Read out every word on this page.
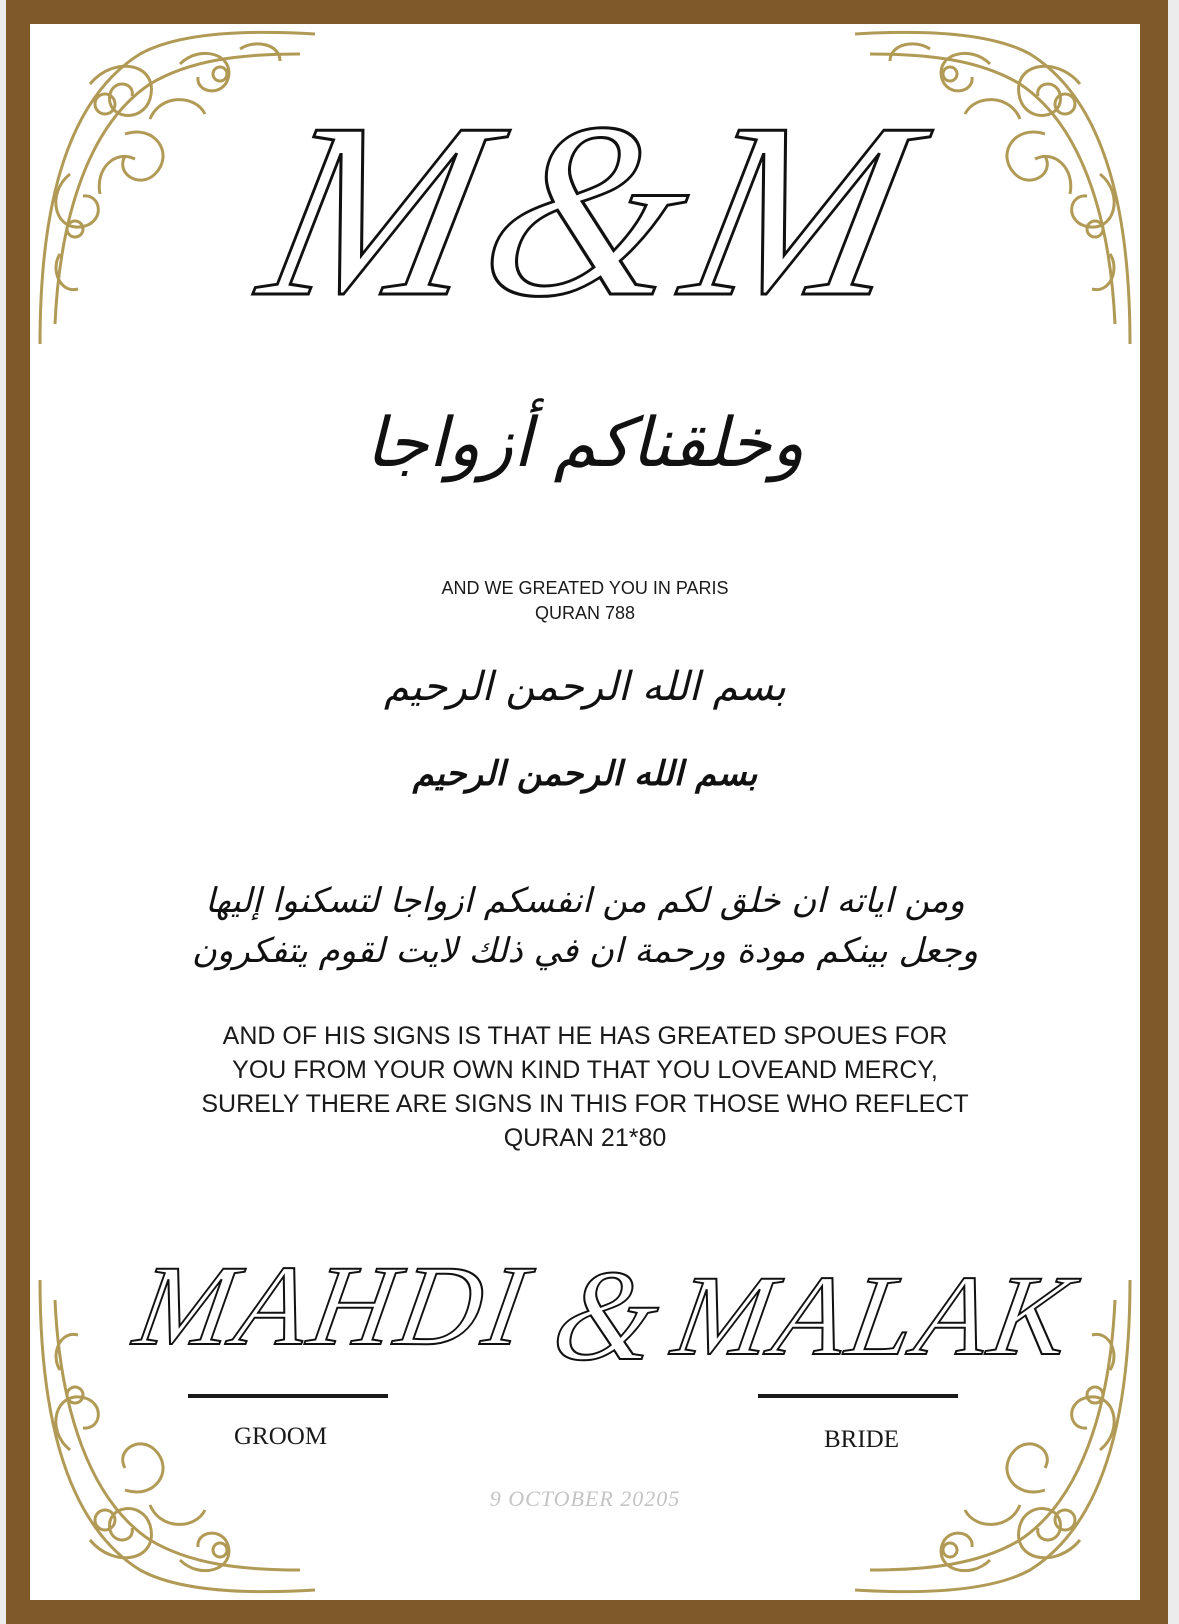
M&M
وخلقناكم أزواجا
AND WE GREATED YOU IN PARIS
QURAN 788
بسم الله الرحمن الرحيم
بسم الله الرحمن الرحيم
ومن اياته ان خلق لكم من انفسكم ازواجا لتسكنوا إليها
وجعل بينكم مودة ورحمة ان في ذلك لايت لقوم يتفكرون
AND OF HIS SIGNS IS THAT HE HAS GREATED SPOUES FOR
YOU FROM YOUR OWN KIND THAT YOU LOVEAND MERCY,
SURELY THERE ARE SIGNS IN THIS FOR THOSE WHO REFLECT
QURAN 21*80
MAHDI &
MALAK
GROOM	BRIDE
9 OCTOBER 20205
